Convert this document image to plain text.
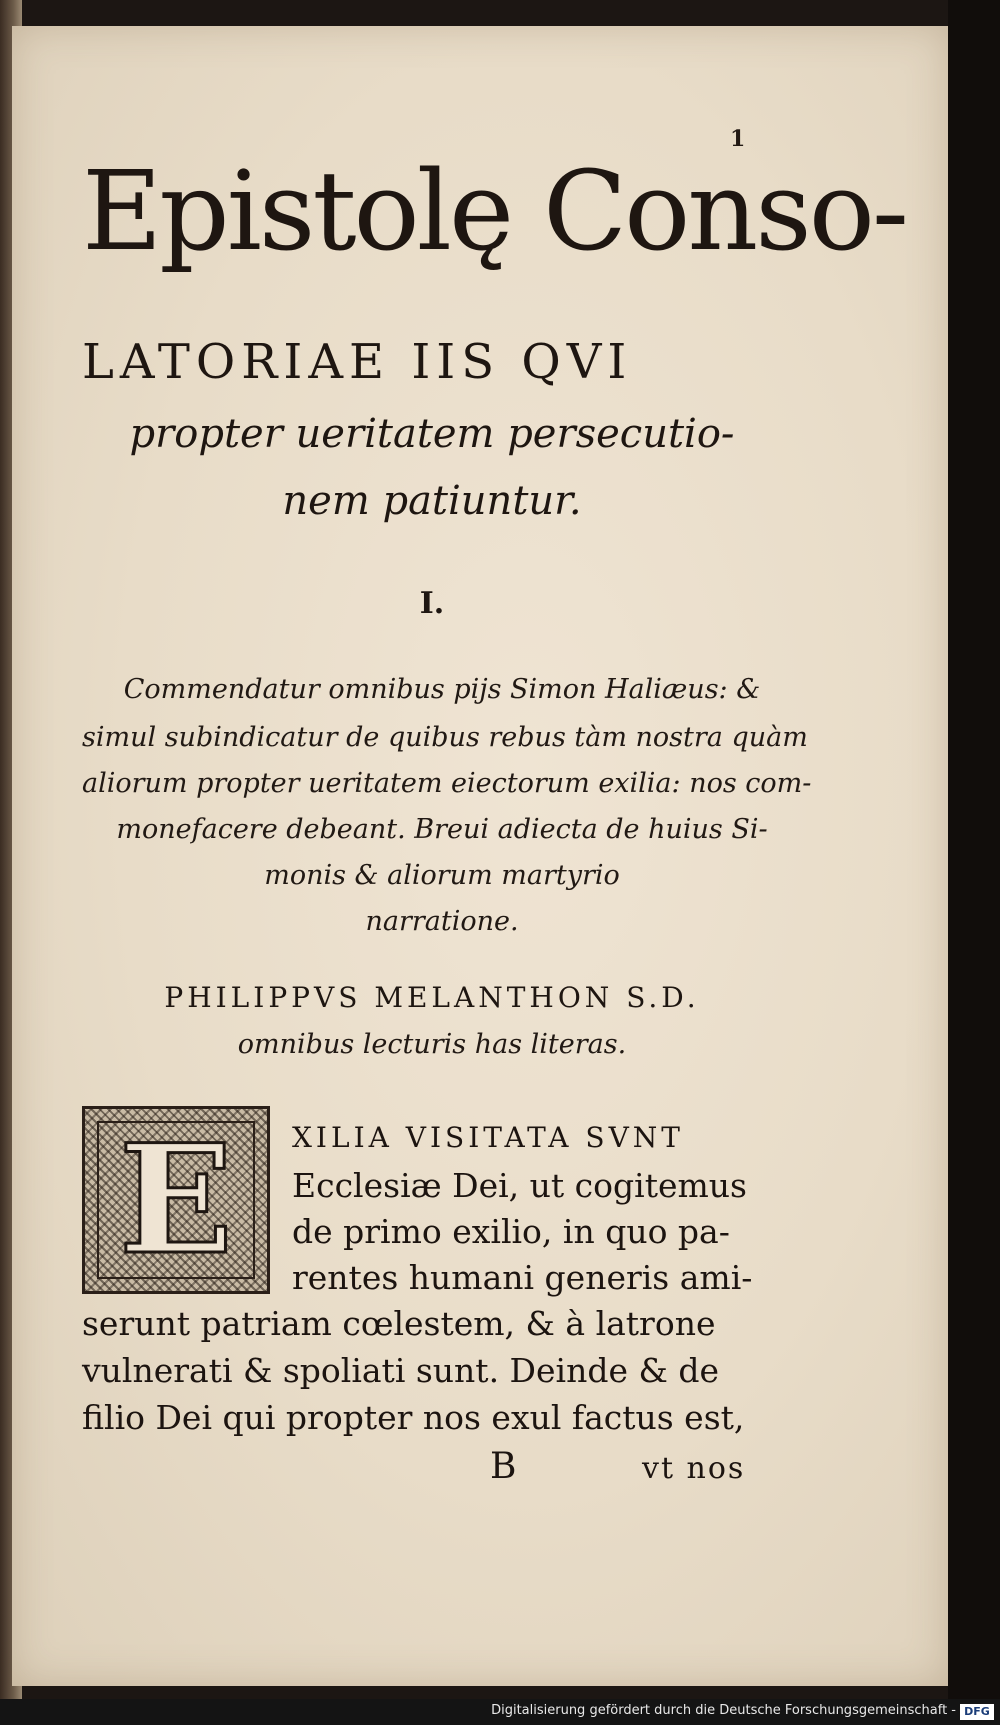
1
Epistolę Conso-
LATORIAE IIS QVI
propter ueritatem persecutio-
nem patiuntur.
I.
Commendatur omnibus pijs Simon Haliæus: &
simul subindicatur de quibus rebus tàm nostra quàm
aliorum propter ueritatem eiectorum exilia: nos com-
monefacere debeant. Breui adiecta de huius Si-
monis & aliorum martyrio
narratione.
PHILIPPVS MELANTHON S.D.
omnibus lecturis has literas.
E	XILIA VISITATA SVNT
Ecclesiæ Dei, ut cogitemus
de primo exilio, in quo pa-
rentes humani generis ami-
serunt patriam cœlestem, & à latrone
vulnerati & spoliati sunt. Deinde & de
filio Dei qui propter nos exul factus est,
B	vt nos
Digitalisierung gefördert durch die Deutsche Forschungsgemeinschaft - DFG
